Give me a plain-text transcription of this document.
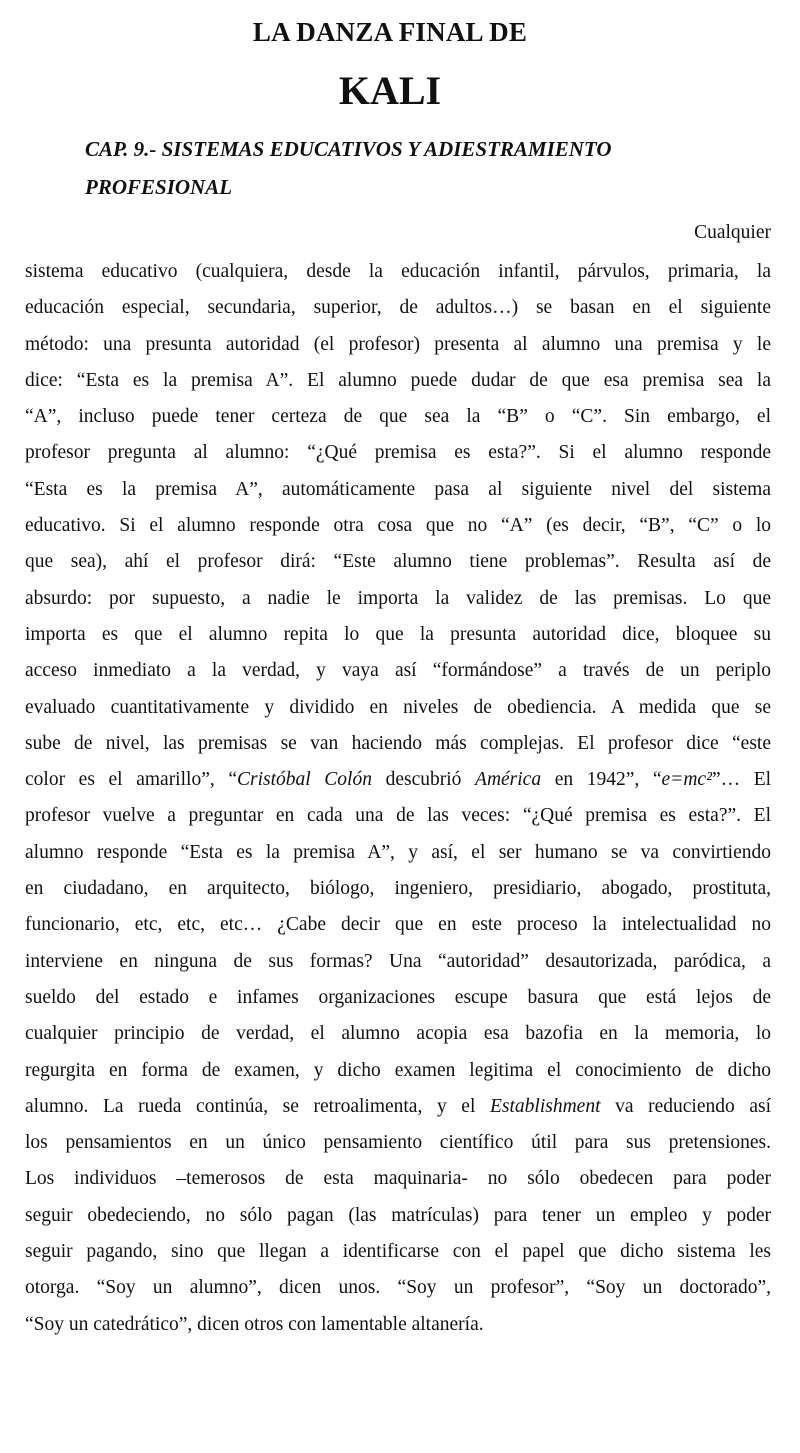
LA DANZA FINAL DE
KALI
CAP. 9.- SISTEMAS EDUCATIVOS Y ADIESTRAMIENTO PROFESIONAL
Cualquier
sistema educativo (cualquiera, desde la educación infantil, párvulos, primaria, la
educación especial, secundaria, superior, de adultos…) se basan en el siguiente
método: una presunta autoridad (el profesor) presenta al alumno una premisa y le
dice: “Esta es la premisa A”. El alumno puede dudar de que esa premisa sea la
“A”, incluso puede tener certeza de que sea la “B” o “C”. Sin embargo, el
profesor pregunta al alumno: “¿Qué premisa es esta?”. Si el alumno responde
“Esta es la premisa A”, automáticamente pasa al siguiente nivel del sistema
educativo. Si el alumno responde otra cosa que no “A” (es decir, “B”, “C” o lo
que sea), ahí el profesor dirá: “Este alumno tiene problemas”. Resulta así de
absurdo: por supuesto, a nadie le importa la validez de las premisas. Lo que
importa es que el alumno repita lo que la presunta autoridad dice, bloquee su
acceso inmediato a la verdad, y vaya así “formándose” a través de un periplo
evaluado cuantitativamente y dividido en niveles de obediencia. A medida que se
sube de nivel, las premisas se van haciendo más complejas. El profesor dice “este
color es el amarillo”, “Cristóbal Colón descubrió América en 1942”, “e=mc²”… El
profesor vuelve a preguntar en cada una de las veces: “¿Qué premisa es esta?”. El
alumno responde “Esta es la premisa A”, y así, el ser humano se va convirtiendo
en ciudadano, en arquitecto, biólogo, ingeniero, presidiario, abogado, prostituta,
funcionario, etc, etc, etc… ¿Cabe decir que en este proceso la intelectualidad no
interviene en ninguna de sus formas? Una “autoridad” desautorizada, paródica, a
sueldo del estado e infames organizaciones escupe basura que está lejos de
cualquier principio de verdad, el alumno acopia esa bazofia en la memoria, lo
regurgita en forma de examen, y dicho examen legitima el conocimiento de dicho
alumno. La rueda continúa, se retroalimenta, y el Establishment va reduciendo así
los pensamientos en un único pensamiento científico útil para sus pretensiones.
Los individuos –temerosos de esta maquinaria- no sólo obedecen para poder
seguir obedeciendo, no sólo pagan (las matrículas) para tener un empleo y poder
seguir pagando, sino que llegan a identificarse con el papel que dicho sistema les
otorga. “Soy un alumno”, dicen unos. “Soy un profesor”, “Soy un doctorado”,
“Soy un catedrático”, dicen otros con lamentable altanería.
